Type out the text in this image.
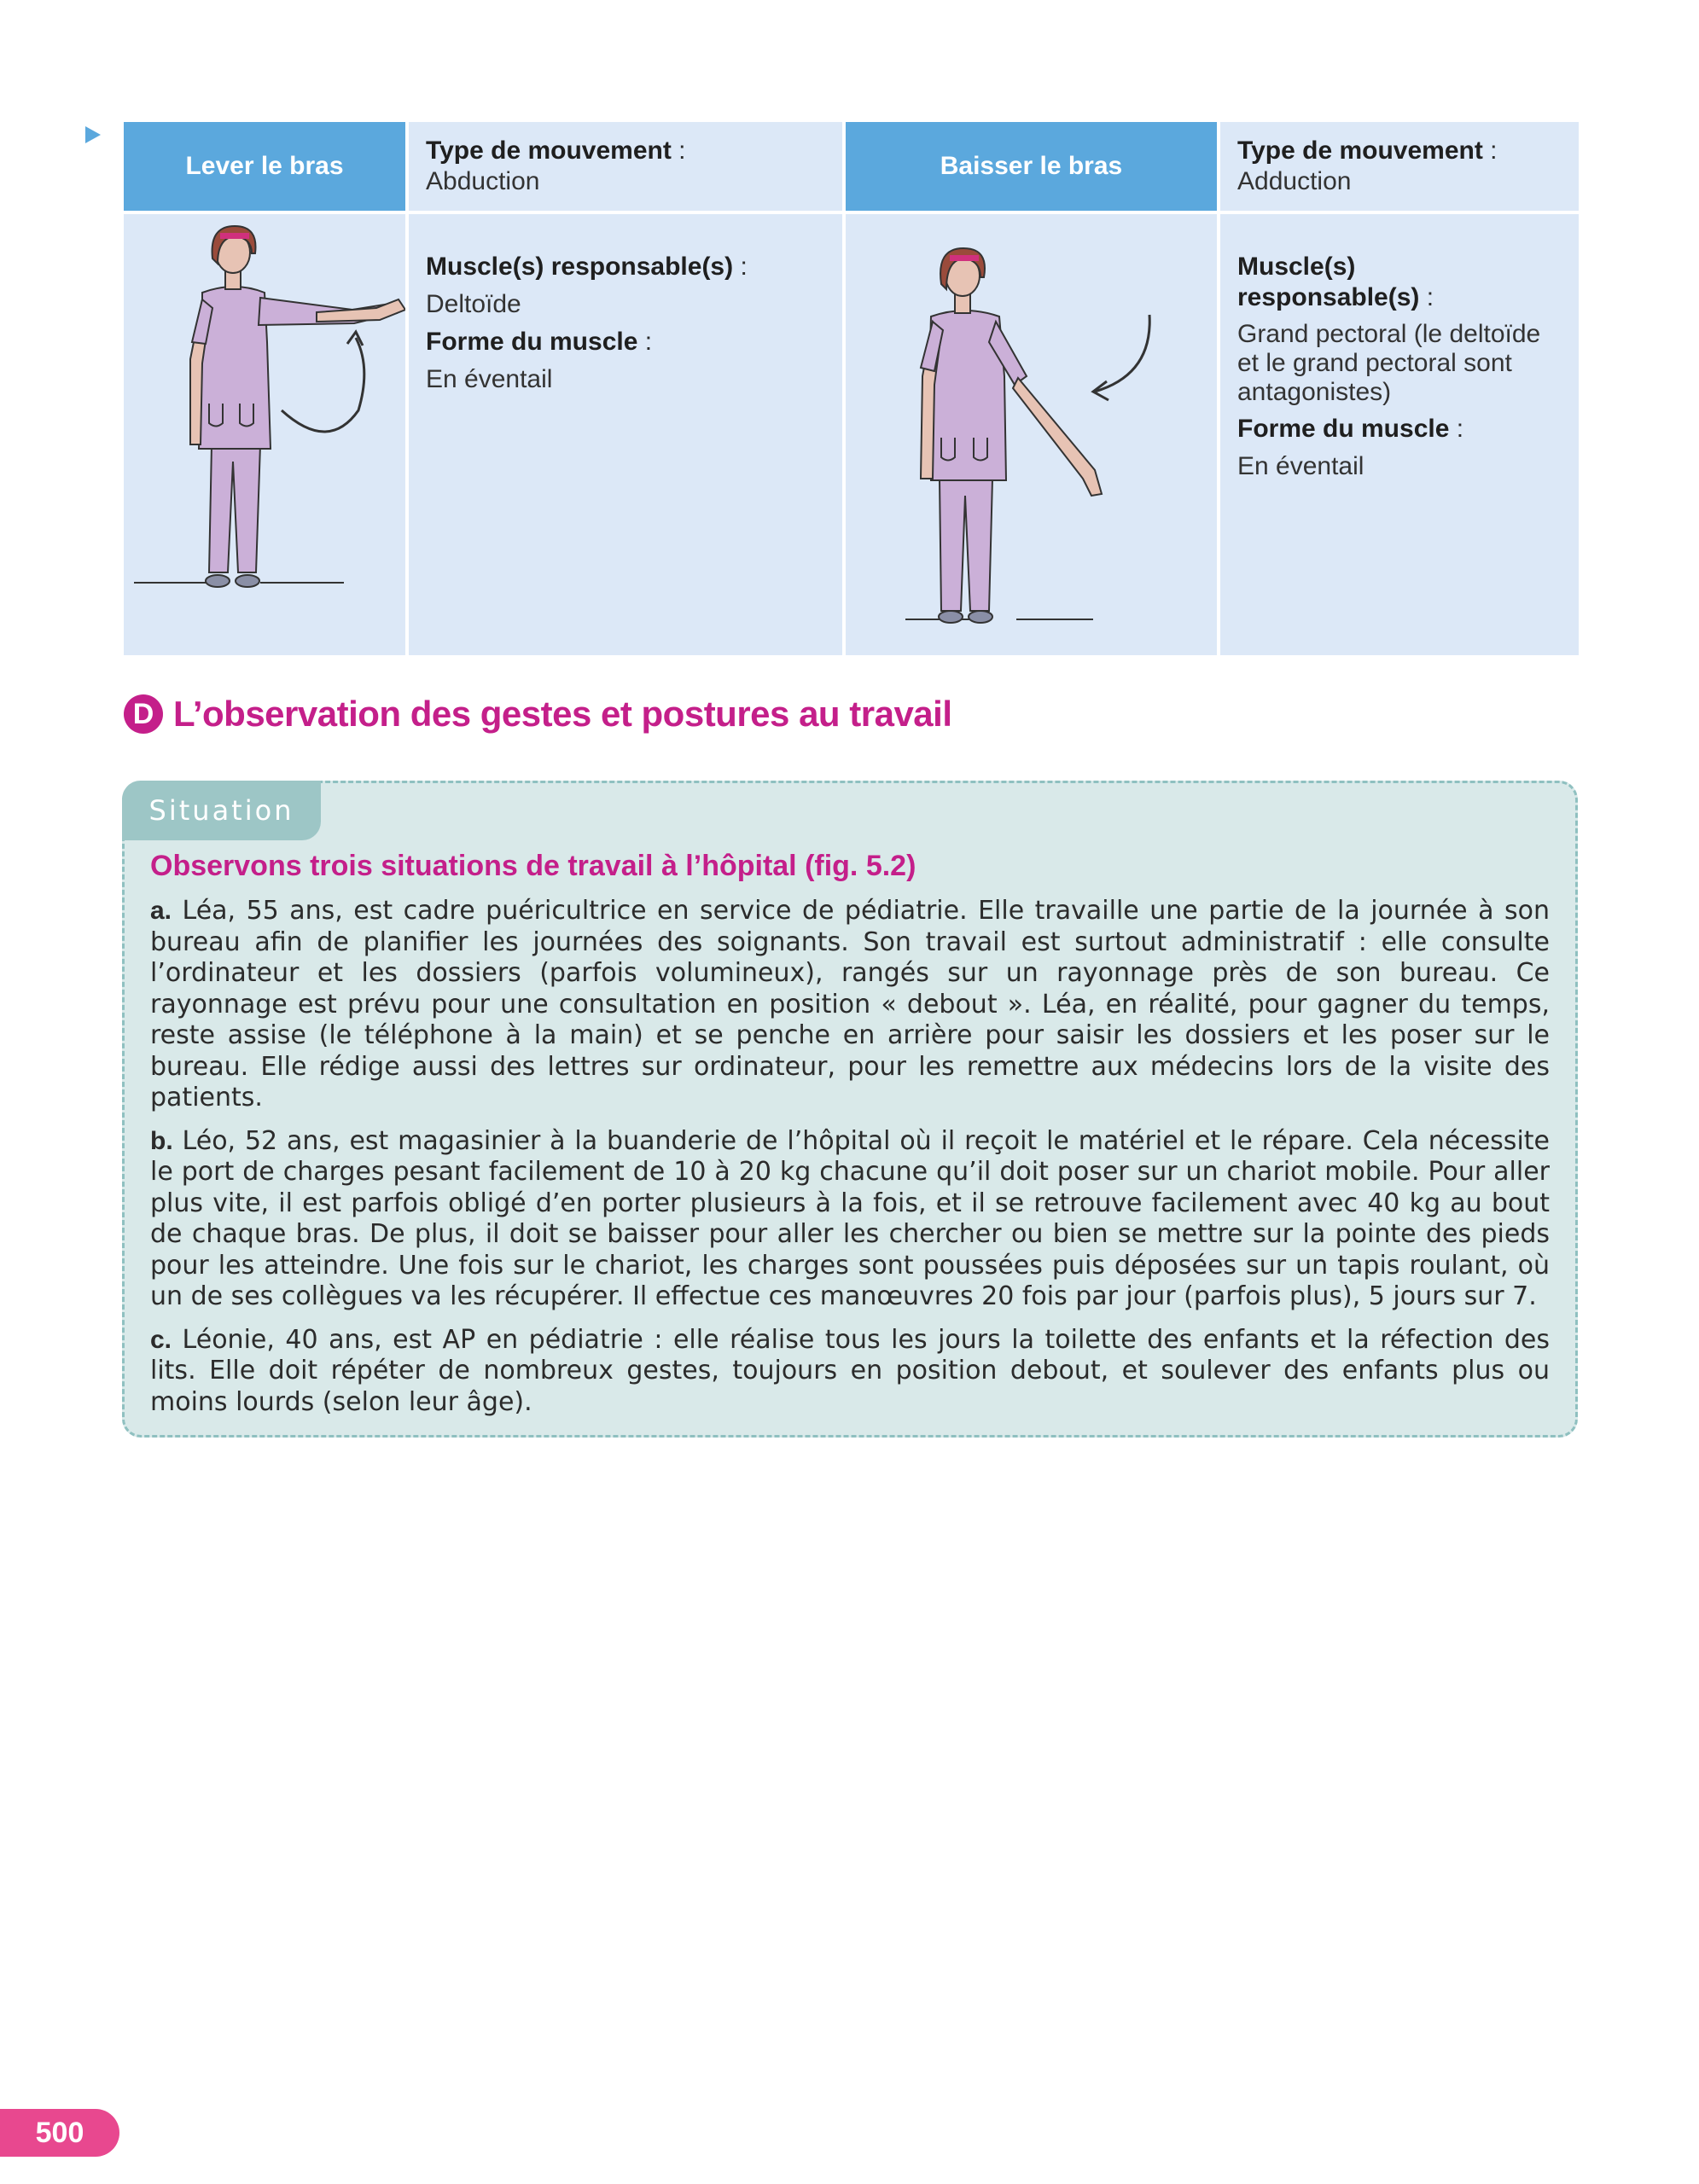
Lever le bras
Type de mouvement :
Abduction
Baisser le bras
Type de mouvement :
Adduction
Muscle(s) responsable(s) :
Deltoïde
Forme du muscle :
En éventail
Muscle(s) responsable(s) :
Grand pectoral (le deltoïde et le grand pectoral sont antagonistes)
Forme du muscle :
En éventail
D L’observation des gestes et postures au travail
Situation
Observons trois situations de travail à l’hôpital (fig. 5.2)

a. Léa, 55 ans, est cadre puéricultrice en service de pédiatrie. Elle travaille une partie de la journée à son bureau afin de planifier les journées des soignants. Son travail est surtout administratif : elle consulte l’ordinateur et les dossiers (parfois volumineux), rangés sur un rayonnage près de son bureau. Ce rayonnage est prévu pour une consultation en position « debout ». Léa, en réalité, pour gagner du temps, reste assise (le téléphone à la main) et se penche en arrière pour saisir les dossiers et les poser sur le bureau. Elle rédige aussi des lettres sur ordinateur, pour les remettre aux médecins lors de la visite des patients.

b. Léo, 52 ans, est magasinier à la buanderie de l’hôpital où il reçoit le matériel et le répare. Cela nécessite le port de charges pesant facilement de 10 à 20 kg chacune qu’il doit poser sur un chariot mobile. Pour aller plus vite, il est parfois obligé d’en porter plusieurs à la fois, et il se retrouve facilement avec 40 kg au bout de chaque bras. De plus, il doit se baisser pour aller les chercher ou bien se mettre sur la pointe des pieds pour les atteindre. Une fois sur le chariot, les charges sont poussées puis déposées sur un tapis roulant, où un de ses collègues va les récupérer. Il effectue ces manœuvres 20 fois par jour (parfois plus), 5 jours sur 7.

c. Léonie, 40 ans, est AP en pédiatrie : elle réalise tous les jours la toilette des enfants et la réfection des lits. Elle doit répéter de nombreux gestes, toujours en position debout, et soulever des enfants plus ou moins lourds (selon leur âge).

500
